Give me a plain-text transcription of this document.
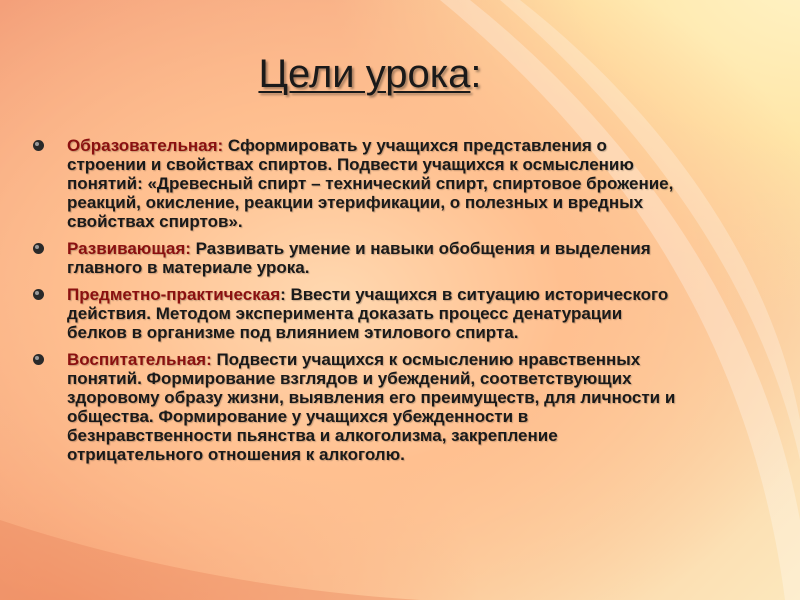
Цели урока:
Образовательная: Сформировать у учащихся представления о строении и свойствах спиртов. Подвести учащихся к осмыслению понятий: «Древесный спирт – технический спирт, спиртовое брожение, реакций, окисление, реакции этерификации, о полезных и вредных свойствах спиртов».
Развивающая: Развивать умение и навыки обобщения и выделения главного в материале урока.
Предметно-практическая: Ввести учащихся в ситуацию исторического действия. Методом эксперимента доказать процесс денатурации белков в организме под влиянием этилового спирта.
Воспитательная: Подвести учащихся к осмыслению нравственных понятий. Формирование взглядов и убеждений, соответствующих здоровому образу жизни, выявления его преимуществ, для личности и общества. Формирование у учащихся убежденности в безнравственности пьянства и алкоголизма, закрепление отрицательного отношения к алкоголю.
